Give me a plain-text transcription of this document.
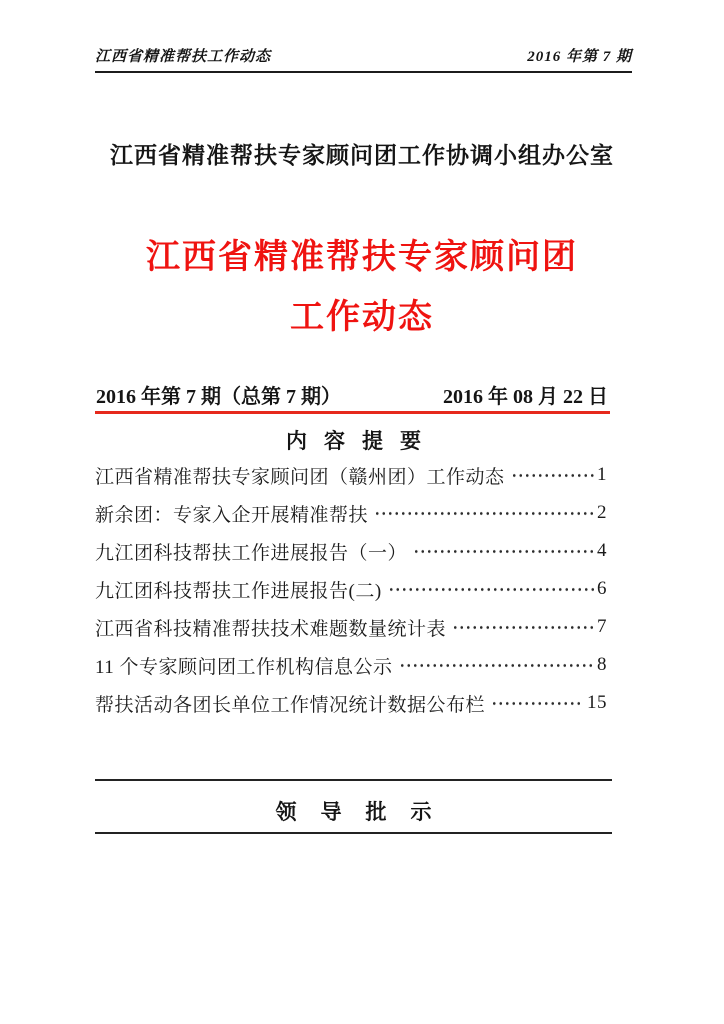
江西省精准帮扶工作动态	2016 年第 7 期
江西省精准帮扶专家顾问团工作协调小组办公室
江西省精准帮扶专家顾问团
工作动态
2016 年第 7 期（总第 7 期）	2016 年 08 月 22 日
内容提要
江西省精准帮扶专家顾问团（赣州团）工作动态	1
新余团：专家入企开展精准帮扶	2
九江团科技帮扶工作进展报告（一）	4
九江团科技帮扶工作进展报告(二)	6
江西省科技精准帮扶技术难题数量统计表	7
11 个专家顾问团工作机构信息公示	8
帮扶活动各团长单位工作情况统计数据公布栏	15
领导批示
